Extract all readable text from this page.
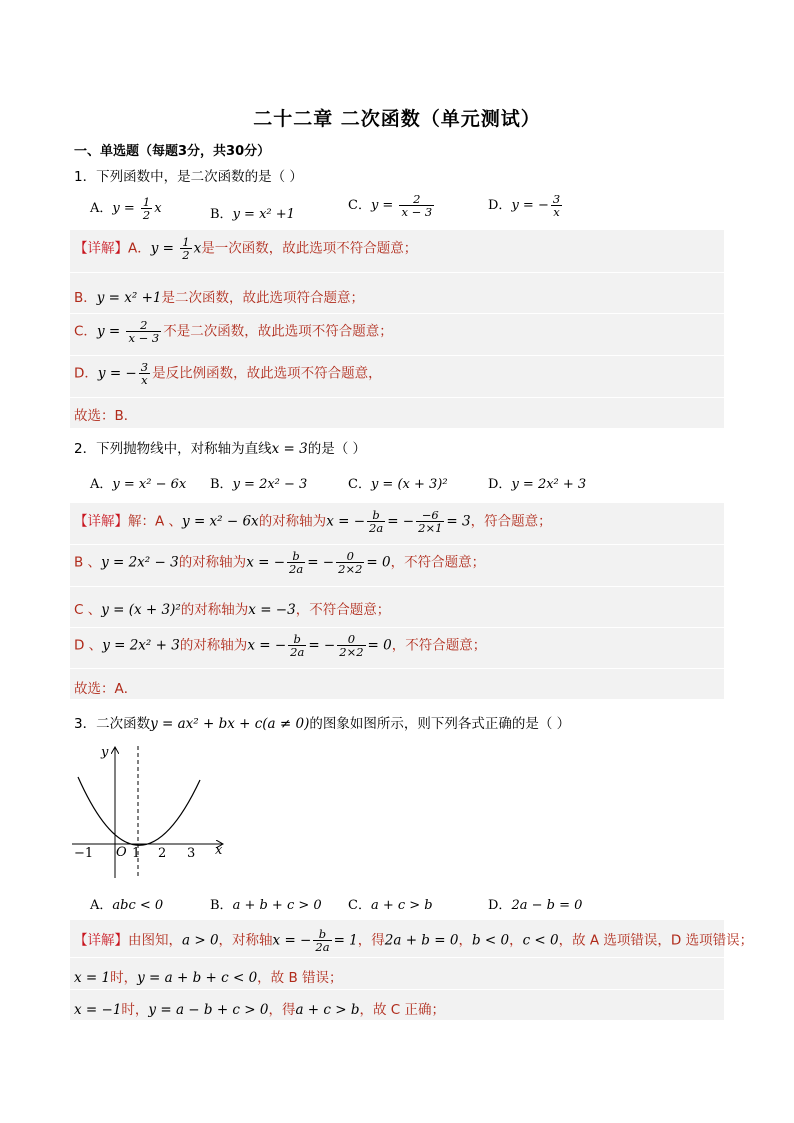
二十二章 二次函数（单元测试）
一、单选题（每题3分，共30分）
1．下列函数中，是二次函数的是（ ）
A．$y = \frac{1}{2}$ x	B．y = x² +1
C．$y = \frac{2}{x - 3}$	D．y = − $\frac{3}{x}$
【详解】A．$y = \frac{1}{2}$ x是一次函数，故此选项不符合题意；
B．y = x² +1是二次函数，故此选项符合题意；
C．$y = \frac{2}{x - 3}$ 不是二次函数，故此选项不符合题意；
D．y = − $\frac{3}{x}$ 是反比例函数，故此选项不符合题意，
故选：B．
2．下列抛物线中，对称轴为直线x = 3的是（ ）
A．y = x² − 6x B．y = 2x² − 3	C．y = (x + 3)²	D．y = 2x² + 3
【详解】解：A 、y = x² − 6x的对称轴为x = − $\frac{b}{2a}$ = − $\frac{-6}{2\times 1} = 3$，符合题意；
B 、y = 2x² − 3的对称轴为x = − $\frac{b}{2a}$ = − $\frac{0}{2\times 2} = 0$，不符合题意；
C 、y = (x + 3)²的对称轴为x = −3，不符合题意；
D 、y = 2x² + 3的对称轴为x = − $\frac{b}{2a}$ = − $\frac{0}{2\times 2} = 0$，不符合题意；
故选：A．
3．二次函数y = ax² + bx + c(a ≠ 0)的图象如图所示，则下列各式正确的是（ ）
y
x
O
−1	1 2 3
A．abc < 0	B．a + b + c > 0 C．a + c > b	D．2a − b = 0
【详解】由图知，a > 0，对称轴x = − $\frac{b}{2a} = 1$，得2a + b = 0，b < 0，c < 0，故 A 选项错误，D 选项错误；
x = 1时，y = a + b + c < 0，故 B 错误；
x = −1时，y = a − b + c > 0，得a + c > b，故 C 正确；
